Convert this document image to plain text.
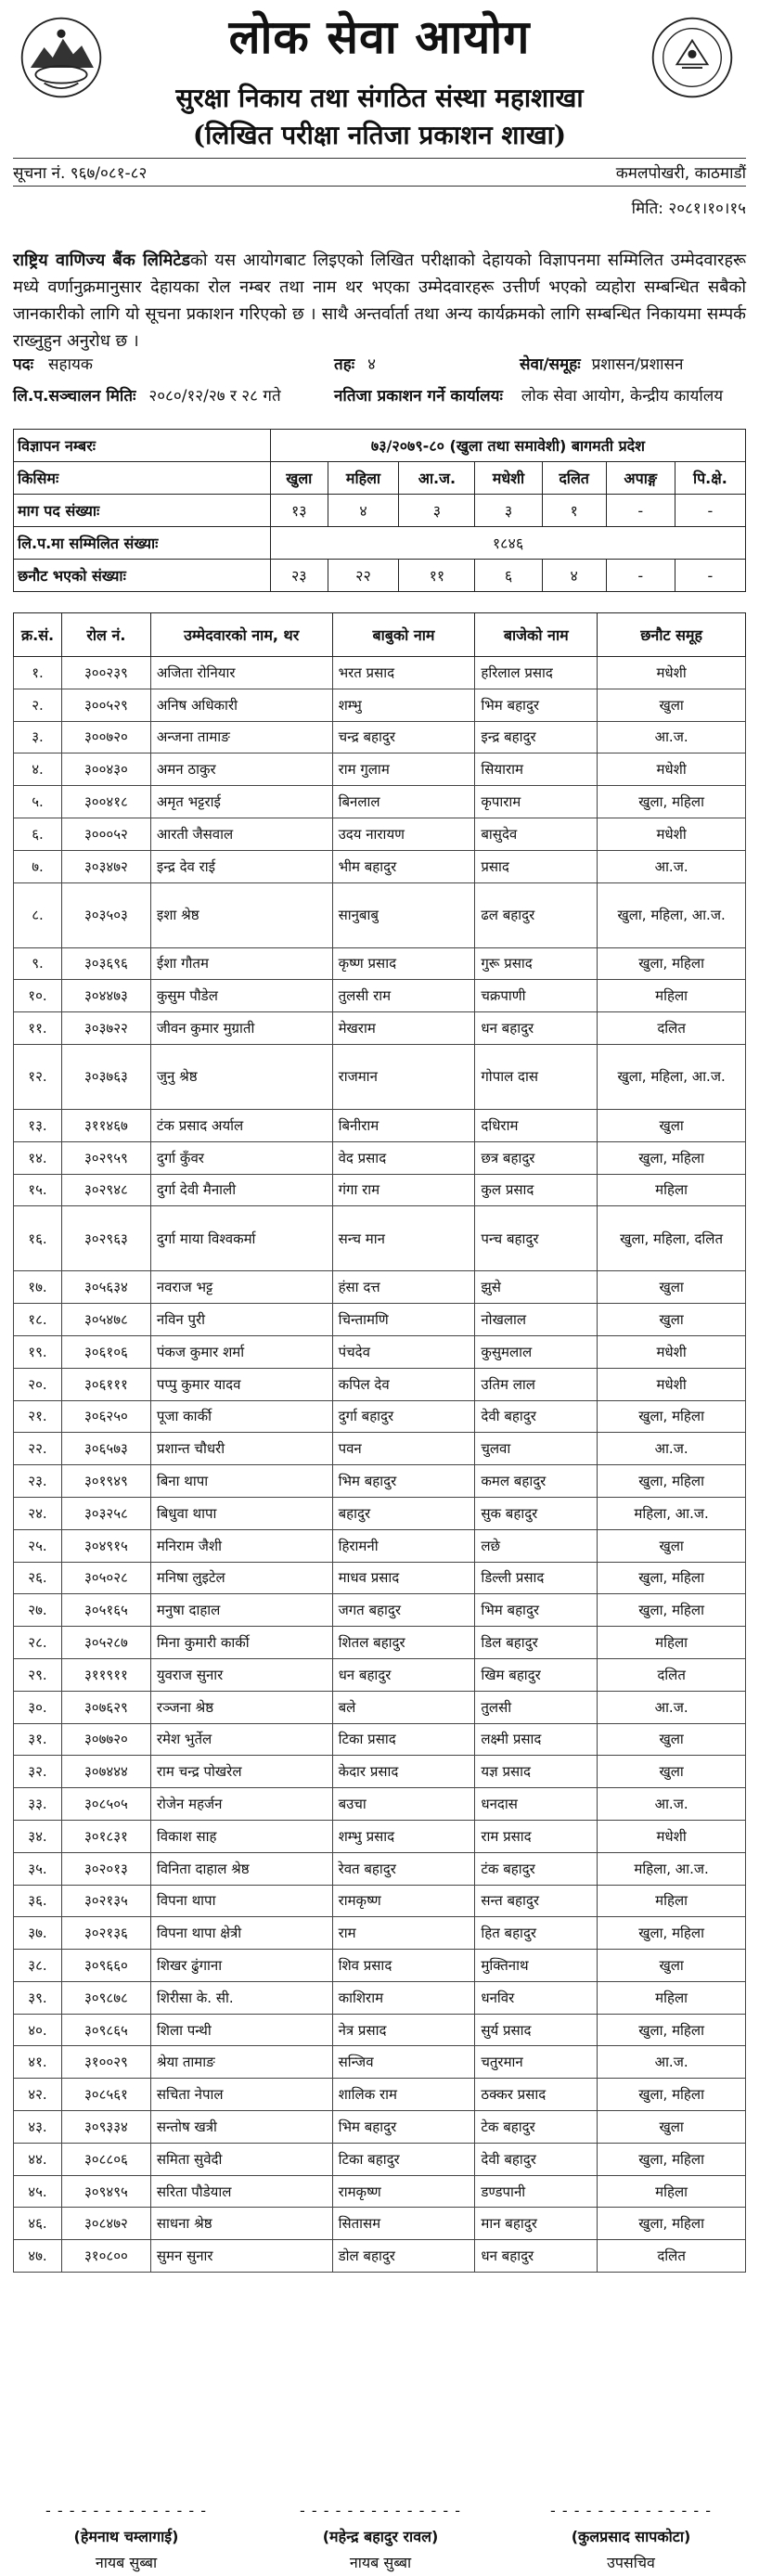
लोक सेवा आयोग
सुरक्षा निकाय तथा संगठित संस्था महाशाखा
(लिखित परीक्षा नतिजा प्रकाशन शाखा)
सूचना नं. ९६७/०८१-८२	कमलपोखरी, काठमाडौं
मिति: २०८१।१०।१५
राष्ट्रिय वाणिज्य बैंक लिमिटेडको यस आयोगबाट लिइएको लिखित परीक्षाको देहायको विज्ञापनमा सम्मिलित उम्मेदवारहरू मध्ये वर्णानुक्रमानुसार देहायका रोल नम्बर तथा नाम थर भएका उम्मेदवारहरू उत्तीर्ण भएको व्यहोरा सम्बन्धित सबैको जानकारीको लागि यो सूचना प्रकाशन गरिएको छ । साथै अन्तर्वार्ता तथा अन्य कार्यक्रमको लागि सम्बन्धित निकायमा सम्पर्क राख्नुहुन अनुरोध छ ।
पदः सहायक	तहः ४	सेवा/समूहः प्रशासन/प्रशासन
लि.प.सञ्चालन मितिः २०८०/१२/२७ र २८ गते	नतिजा प्रकाशन गर्ने कार्यालयः लोक सेवा आयोग, केन्द्रीय कार्यालय
विज्ञापन नम्बरः	७३/२०७९-८० (खुला तथा समावेशी) बागमती प्रदेश						
किसिमः	खुला	महिला	आ.ज.	मधेशी	दलित	अपाङ्ग	पि.क्षे.
माग पद संख्याः	१३	४	३	३	१	-	-
लि.प.मा सम्मिलित संख्याः	१८४६						
छनौट भएको संख्याः	२३	२२	११	६	४	-	-
क्र.सं.	रोल नं.	उम्मेदवारको नाम, थर	बाबुको नाम	बाजेको नाम	छनौट समूह
१.	३००२३९	अजिता रोनियार	भरत प्रसाद	हरिलाल प्रसाद	मधेशी
२.	३००५२९	अनिष अधिकारी	शम्भु	भिम बहादुर	खुला
३.	३००७२०	अन्जना तामाङ	चन्द्र बहादुर	इन्द्र बहादुर	आ.ज.
४.	३००४३०	अमन ठाकुर	राम गुलाम	सियाराम	मधेशी
५.	३००४१८	अमृत भट्टराई	बिनलाल	कृपाराम	खुला, महिला
६.	३०००५२	आरती जैसवाल	उदय नारायण	बासुदेव	मधेशी
७.	३०३४७२	इन्द्र देव राई	भीम बहादुर	प्रसाद	आ.ज.
८.	३०३५०३	इशा श्रेष्ठ	सानुबाबु	ढल बहादुर	खुला, महिला, आ.ज.
९.	३०३६९६	ईशा गौतम	कृष्ण प्रसाद	गुरू प्रसाद	खुला, महिला
१०.	३०४४७३	कुसुम पौडेल	तुलसी राम	चक्रपाणी	महिला
११.	३०३७२२	जीवन कुमार मुग्राती	मेखराम	धन बहादुर	दलित
१२.	३०३७६३	जुनु श्रेष्ठ	राजमान	गोपाल दास	खुला, महिला, आ.ज.
१३.	३११४६७	टंक प्रसाद अर्याल	बिनीराम	दधिराम	खुला
१४.	३०२९५९	दुर्गा कुँवर	वेद प्रसाद	छत्र बहादुर	खुला, महिला
१५.	३०२९४८	दुर्गा देवी मैनाली	गंगा राम	कुल प्रसाद	महिला
१६.	३०२९६३	दुर्गा माया विश्वकर्मा	सन्च मान	पन्च बहादुर	खुला, महिला, दलित
१७.	३०५६३४	नवराज भट्ट	हंसा दत्त	झुसे	खुला
१८.	३०५४७८	नविन पुरी	चिन्तामणि	नोखलाल	खुला
१९.	३०६१०६	पंकज कुमार शर्मा	पंचदेव	कुसुमलाल	मधेशी
२०.	३०६१११	पप्पु कुमार यादव	कपिल देव	उतिम लाल	मधेशी
२१.	३०६२५०	पूजा कार्की	दुर्गा बहादुर	देवी बहादुर	खुला, महिला
२२.	३०६५७३	प्रशान्त चौधरी	पवन	चुलवा	आ.ज.
२३.	३०१९४९	बिना थापा	भिम बहादुर	कमल बहादुर	खुला, महिला
२४.	३०३२५८	बिधुवा थापा	बहादुर	सुक बहादुर	महिला, आ.ज.
२५.	३०४९१५	मनिराम जैशी	हिरामनी	लछे	खुला
२६.	३०५०२८	मनिषा लुइटेल	माधव प्रसाद	डिल्ली प्रसाद	खुला, महिला
२७.	३०५१६५	मनुषा दाहाल	जगत बहादुर	भिम बहादुर	खुला, महिला
२८.	३०५२८७	मिना कुमारी कार्की	शितल बहादुर	डिल बहादुर	महिला
२९.	३११९११	युवराज सुनार	धन बहादुर	खिम बहादुर	दलित
३०.	३०७६२९	रञ्जना श्रेष्ठ	बले	तुलसी	आ.ज.
३१.	३०७७२०	रमेश भुर्तेल	टिका प्रसाद	लक्ष्मी प्रसाद	खुला
३२.	३०७४४४	राम चन्द्र पोखरेल	केदार प्रसाद	यज्ञ प्रसाद	खुला
३३.	३०८५०५	रोजेन महर्जन	बउचा	धनदास	आ.ज.
३४.	३०१८३१	विकाश साह	शम्भु प्रसाद	राम प्रसाद	मधेशी
३५.	३०२०१३	विनिता दाहाल श्रेष्ठ	रेवत बहादुर	टंक बहादुर	महिला, आ.ज.
३६.	३०२१३५	विपना थापा	रामकृष्ण	सन्त बहादुर	महिला
३७.	३०२१३६	विपना थापा क्षेत्री	राम	हित बहादुर	खुला, महिला
३८.	३०९६६०	शिखर ढुंगाना	शिव प्रसाद	मुक्तिनाथ	खुला
३९.	३०९८७८	शिरीसा के. सी.	काशिराम	धनविर	महिला
४०.	३०९८६५	शिला पन्थी	नेत्र प्रसाद	सुर्य प्रसाद	खुला, महिला
४१.	३१००२९	श्रेया तामाङ	सन्जिव	चतुरमान	आ.ज.
४२.	३०८५६१	सचिता नेपाल	शालिक राम	ठक्कर प्रसाद	खुला, महिला
४३.	३०९३३४	सन्तोष खत्री	भिम बहादुर	टेक बहादुर	खुला
४४.	३०८८०६	समिता सुवेदी	टिका बहादुर	देवी बहादुर	खुला, महिला
४५.	३०९४९५	सरिता पौडेयाल	रामकृष्ण	डण्डपानी	महिला
४६.	३०८४७२	साधना श्रेष्ठ	सितासम	मान बहादुर	खुला, महिला
४७.	३१०८००	सुमन सुनार	डोल बहादुर	धन बहादुर	दलित
- - - - - - - - - - - - - -
(हेमनाथ चम्लागाई)
नायब सुब्बा
- - - - - - - - - - - - - -
(महेन्द्र बहादुर रावल)
नायब सुब्बा
- - - - - - - - - - - - - -
(कुलप्रसाद सापकोटा)
उपसचिव
